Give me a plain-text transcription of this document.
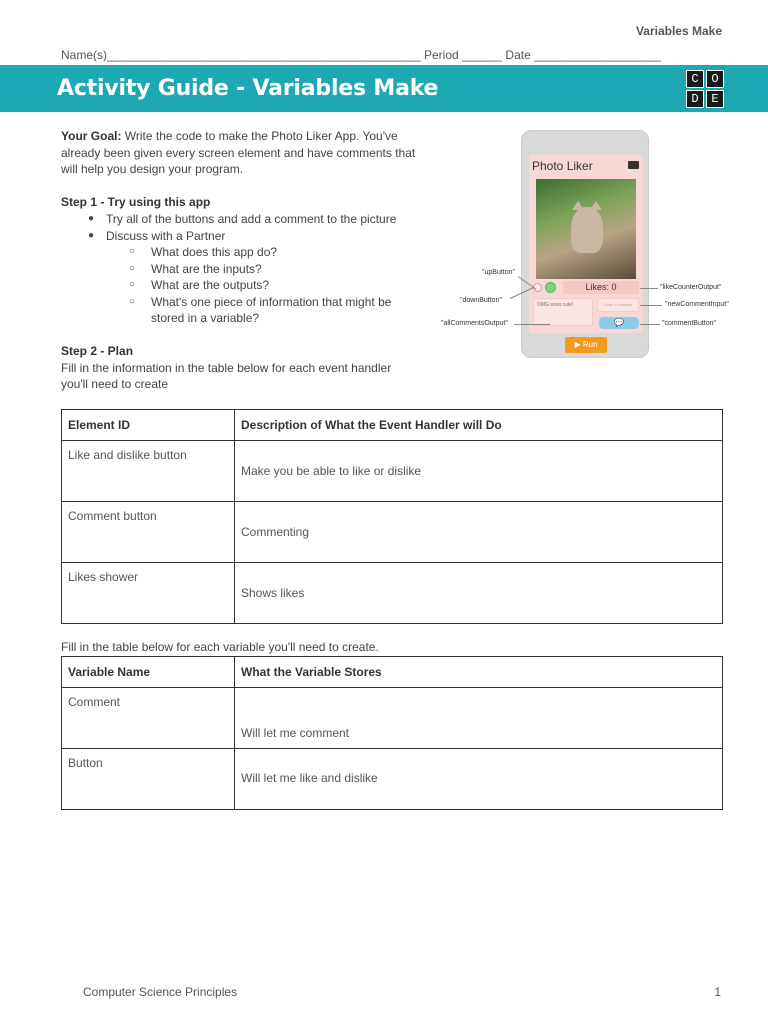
Variables Make
Name(s)_______________________________________________ Period ______ Date ___________________
Activity Guide - Variables Make	C	O
D	E
Your Goal: Write the code to make the Photo Liker App. You've already been given every screen element and have comments that will help you design your program.
Step 1 - Try using this app
● Try all of the buttons and add a comment to the picture
● Discuss with a Partner
○	What does this app do?
○	What are the inputs?
○	What are the outputs?
○	What's one piece of information that might be stored in a variable?
Step 2 - Plan
Fill in the information in the table below for each event handler you'll need to create
Photo Liker
Likes: 0
OMG sooo cute!	Enter Comment
💬
▶ Run
"upButton"
"downButton"
"allCommentsOutput"
"likeCounterOutput"
"newCommentInput"
"commentButton"
Element ID	Description of What the Event Handler will Do
Like and dislike button	Make you be able to like or dislike
Comment button	Commenting
Likes shower	Shows likes
Fill in the table below for each variable you'll need to create.
Variable Name	What the Variable Stores
Comment	Will let me comment
Button	Will let me like and dislike
Computer Science Principles	1
